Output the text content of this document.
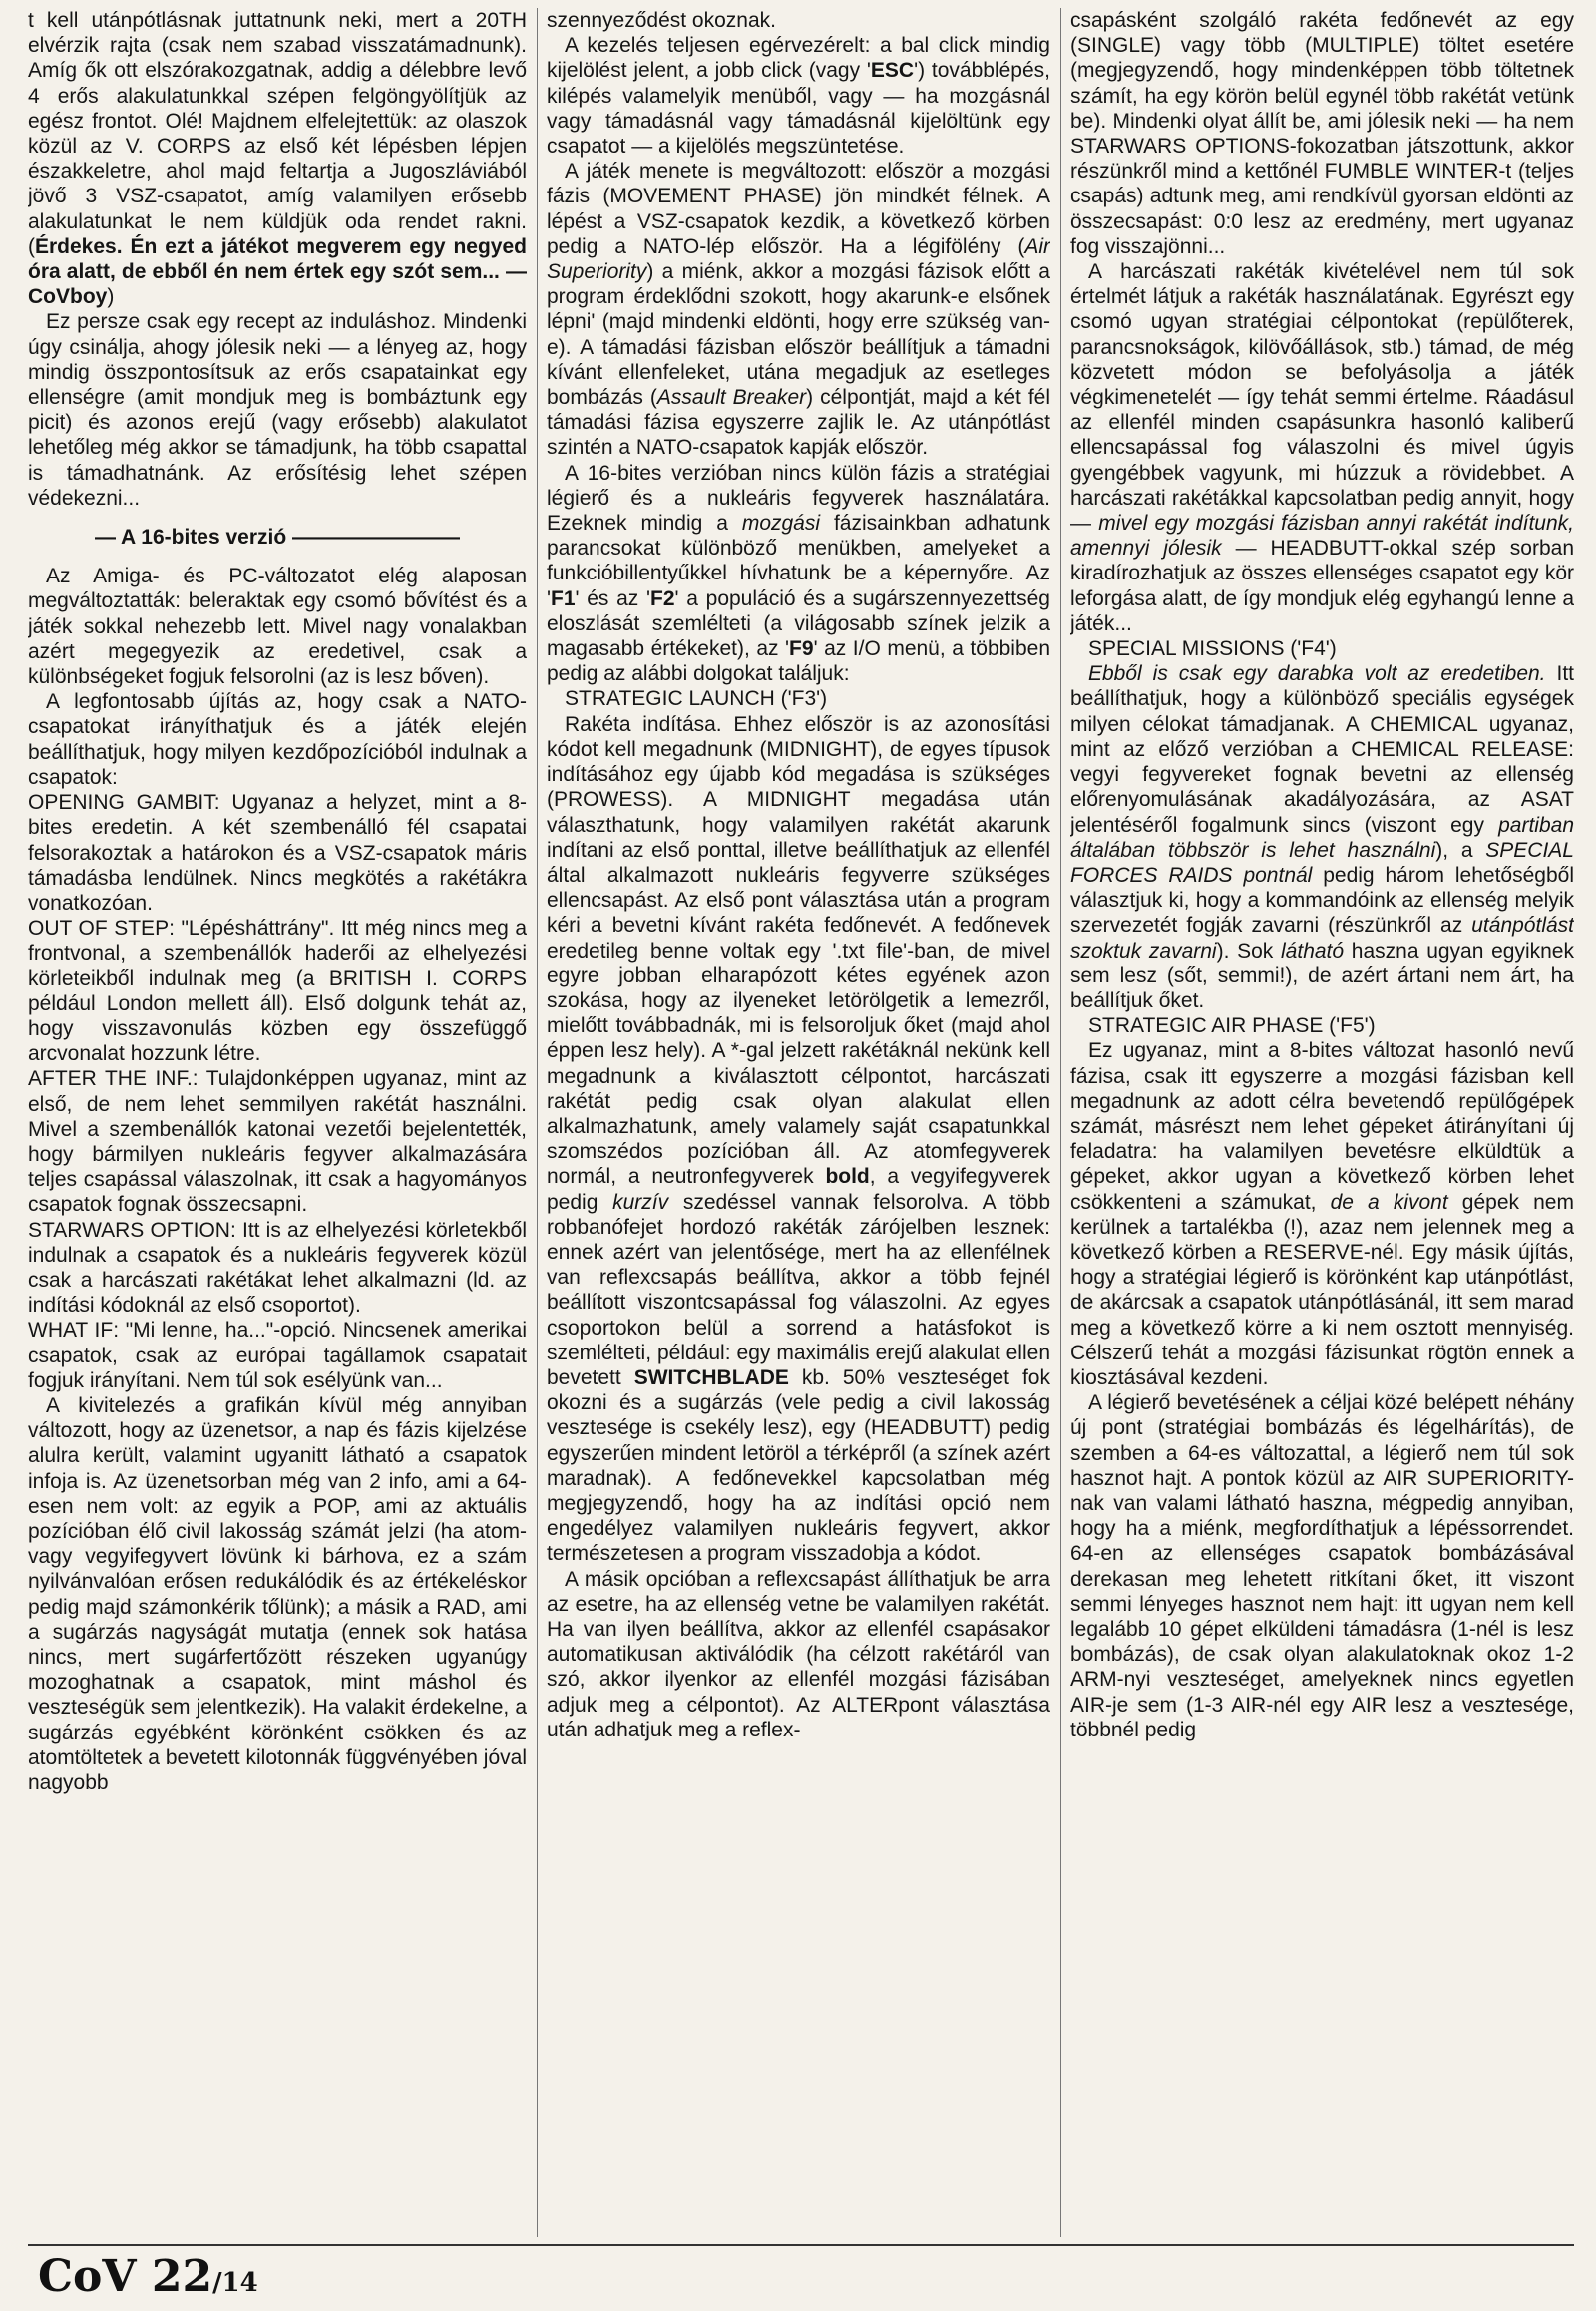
t kell utánpótlásnak juttatnunk neki, mert a 20TH elvérzik rajta (csak nem szabad visszatámadnunk). Amíg ők ott elszórakozgatnak, addig a délebbre levő 4 erős alakulatunkkal szépen felgöngyölítjük az egész frontot. Olé! Majdnem elfelejtettük: az olaszok közül az V. CORPS az első két lépésben lépjen északkeletre, ahol majd feltartja a Jugoszláviából jövő 3 VSZ-csapatot, amíg valamilyen erősebb alakulatunkat le nem küldjük oda rendet rakni. (Érdekes. Én ezt a játékot megverem egy negyed óra alatt, de ebből én nem értek egy szót sem... — CoVboy)

Ez persze csak egy recept az induláshoz. Mindenki úgy csinálja, ahogy jólesik neki — a lényeg az, hogy mindig összpontosítsuk az erős csapatainkat egy ellenségre (amit mondjuk meg is bombáztunk egy picit) és azonos erejű (vagy erősebb) alakulatot lehetőleg még akkor se támadjunk, ha több csapattal is támadhatnánk. Az erősítésig lehet szépen védekezni...

— A 16-bites verzió ————————

Az Amiga- és PC-változatot elég alaposan megváltoztatták: beleraktak egy csomó bővítést és a játék sokkal nehezebb lett. Mivel nagy vonalakban azért megegyezik az eredetivel, csak a különbségeket fogjuk felsorolni (az is lesz bőven).

A legfontosabb újítás az, hogy csak a NATO-csapatokat irányíthatjuk és a játék elején beállíthatjuk, hogy milyen kezdőpozícióból indulnak a csapatok:

OPENING GAMBIT: Ugyanaz a helyzet, mint a 8-bites eredetin. A két szembenálló fél csapatai felsorakoztak a határokon és a VSZ-csapatok máris támadásba lendülnek. Nincs megkötés a rakétákra vonatkozóan.

OUT OF STEP: "Lépésháttrány". Itt még nincs meg a frontvonal, a szembenállók haderői az elhelyezési körleteikből indulnak meg (a BRITISH I. CORPS például London mellett áll). Első dolgunk tehát az, hogy visszavonulás közben egy összefüggő arcvonalat hozzunk létre.

AFTER THE INF.: Tulajdonképpen ugyanaz, mint az első, de nem lehet semmilyen rakétát használni. Mivel a szembenállók katonai vezetői bejelentették, hogy bármilyen nukleáris fegyver alkalmazására teljes csapással válaszolnak, itt csak a hagyományos csapatok fognak összecsapni.

STARWARS OPTION: Itt is az elhelyezési körletekből indulnak a csapatok és a nukleáris fegyverek közül csak a harcászati rakétákat lehet alkalmazni (ld. az indítási kódoknál az első csoportot).

WHAT IF: "Mi lenne, ha..."-opció. Nincsenek amerikai csapatok, csak az európai tagállamok csapatait fogjuk irányítani. Nem túl sok esélyünk van...

A kivitelezés a grafikán kívül még annyiban változott, hogy az üzenetsor, a nap és fázis kijelzése alulra került, valamint ugyanitt látható a csapatok infoja is. Az üzenetsorban még van 2 info, ami a 64-esen nem volt: az egyik a POP, ami az aktuális pozícióban élő civil lakosság számát jelzi (ha atom- vagy vegyifegyvert lövünk ki bárhova, ez a szám nyilvánvalóan erősen redukálódik és az értékeléskor pedig majd számonkérik tőlünk); a másik a RAD, ami a sugárzás nagyságát mutatja (ennek sok hatása nincs, mert sugárfertőzött részeken ugyanúgy mozoghatnak a csapatok, mint máshol és veszteségük sem jelentkezik). Ha valakit érdekelne, a sugárzás egyébként körönként csökken és az atomtöltetek a bevetett kilotonnák függvényében jóval nagyobb

szennyeződést okoznak.

A kezelés teljesen egérvezérelt: a bal click mindig kijelölést jelent, a jobb click (vagy 'ESC') továbblépés, kilépés valamelyik menüből, vagy — ha mozgásnál vagy támadásnál vagy támadásnál kijelöltünk egy csapatot — a kijelölés megszüntetése.

A játék menete is megváltozott: először a mozgási fázis (MOVEMENT PHASE) jön mindkét félnek. A lépést a VSZ-csapatok kezdik, a következő körben pedig a NATO-lép először. Ha a légifölény (Air Superiority) a miénk, akkor a mozgási fázisok előtt a program érdeklődni szokott, hogy akarunk-e elsőnek lépni' (majd mindenki eldönti, hogy erre szükség van-e). A támadási fázisban először beállítjuk a támadni kívánt ellenfeleket, utána megadjuk az esetleges bombázás (Assault Breaker) célpontját, majd a két fél támadási fázisa egyszerre zajlik le. Az utánpótlást szintén a NATO-csapatok kapják először.

A 16-bites verzióban nincs külön fázis a stratégiai légierő és a nukleáris fegyverek használatára. Ezeknek mindig a mozgási fázisainkban adhatunk parancsokat különböző menükben, amelyeket a funkcióbillentyűkkel hívhatunk be a képernyőre. Az 'F1' és az 'F2' a populáció és a sugárszennyezettség eloszlását szemlélteti (a világosabb színek jelzik a magasabb értékeket), az 'F9' az I/O menü, a többiben pedig az alábbi dolgokat találjuk:

STRATEGIC LAUNCH ('F3')

Rakéta indítása. Ehhez először is az azonosítási kódot kell megadnunk (MIDNIGHT), de egyes típusok indításához egy újabb kód megadása is szükséges (PROWESS). A MIDNIGHT megadása után választhatunk, hogy valamilyen rakétát akarunk indítani az első ponttal, illetve beállíthatjuk az ellenfél által alkalmazott nukleáris fegyverre szükséges ellencsapást. Az első pont választása után a program kéri a bevetni kívánt rakéta fedőnevét. A fedőnevek eredetileg benne voltak egy '.txt file'-ban, de mivel egyre jobban elharapózott kétes egyének azon szokása, hogy az ilyeneket letörölgetik a lemezről, mielőtt továbbadnák, mi is felsoroljuk őket (majd ahol éppen lesz hely). A *-gal jelzett rakétáknál nekünk kell megadnunk a kiválasztott célpontot, harcászati rakétát pedig csak olyan alakulat ellen alkalmazhatunk, amely valamely saját csapatunkkal szomszédos pozícióban áll. Az atomfegyverek normál, a neutronfegyverek bold, a vegyifegyverek pedig kurzív szedéssel vannak felsorolva. A több robbanófejet hordozó rakéták zárójelben lesznek: ennek azért van jelentősége, mert ha az ellenfélnek van reflexcsapás beállítva, akkor a több fejnél beállított viszontcsapással fog válaszolni. Az egyes csoportokon belül a sorrend a hatásfokot is szemlélteti, például: egy maximális erejű alakulat ellen bevetett SWITCHBLADE kb. 50% veszteséget fok okozni és a sugárzás (vele pedig a civil lakosság vesztesége is csekély lesz), egy (HEADBUTT) pedig egyszerűen mindent letöröl a térképről (a színek azért maradnak). A fedőnevekkel kapcsolatban még megjegyzendő, hogy ha az indítási opció nem engedélyez valamilyen nukleáris fegyvert, akkor természetesen a program visszadobja a kódot.

A másik opcióban a reflexcsapást állíthatjuk be arra az esetre, ha az ellenség vetne be valamilyen rakétát. Ha van ilyen beállítva, akkor az ellenfél csapásakor automatikusan aktiválódik (ha célzott rakétáról van szó, akkor ilyenkor az ellenfél mozgási fázisában adjuk meg a célpontot). Az ALTERpont választása után adhatjuk meg a reflex-

csapásként szolgáló rakéta fedőnevét az egy (SINGLE) vagy több (MULTIPLE) töltet esetére (megjegyzendő, hogy mindenképpen több töltetnek számít, ha egy körön belül egynél több rakétát vetünk be). Mindenki olyat állít be, ami jólesik neki — ha nem STARWARS OPTIONS-fokozatban játszottunk, akkor részünkről mind a kettőnél FUMBLE WINTER-t (teljes csapás) adtunk meg, ami rendkívül gyorsan eldönti az összecsapást: 0:0 lesz az eredmény, mert ugyanaz fog visszajönni...

A harcászati rakéták kivételével nem túl sok értelmét látjuk a rakéták használatának. Egyrészt egy csomó ugyan stratégiai célpontokat (repülőterek, parancsnokságok, kilövőállások, stb.) támad, de még közvetett módon se befolyásolja a játék végkimenetelét — így tehát semmi értelme. Ráadásul az ellenfél minden csapásunkra hasonló kaliberű ellencsapással fog válaszolni és mivel úgyis gyengébbek vagyunk, mi húzzuk a rövidebbet. A harcászati rakétákkal kapcsolatban pedig annyit, hogy — mivel egy mozgási fázisban annyi rakétát indítunk, amennyi jólesik — HEADBUTT-okkal szép sorban kiradírozhatjuk az összes ellenséges csapatot egy kör leforgása alatt, de így mondjuk elég egyhangú lenne a játék...

SPECIAL MISSIONS ('F4')

Ebből is csak egy darabka volt az eredetiben. Itt beállíthatjuk, hogy a különböző speciális egységek milyen célokat támadjanak. A CHEMICAL ugyanaz, mint az előző verzióban a CHEMICAL RELEASE: vegyi fegyvereket fognak bevetni az ellenség előrenyomulásának akadályozására, az ASAT jelentéséről fogalmunk sincs (viszont egy partiban általában többször is lehet használni), a SPECIAL FORCES RAIDS pontnál pedig három lehetőségből választjuk ki, hogy a kommandóink az ellenség melyik szervezetét fogják zavarni (részünkről az utánpótlást szoktuk zavarni). Sok látható haszna ugyan egyiknek sem lesz (sőt, semmi!), de azért ártani nem árt, ha beállítjuk őket.

STRATEGIC AIR PHASE ('F5')

Ez ugyanaz, mint a 8-bites változat hasonló nevű fázisa, csak itt egyszerre a mozgási fázisban kell megadnunk az adott célra bevetendő repülőgépek számát, másrészt nem lehet gépeket átirányítani új feladatra: ha valamilyen bevetésre elküldtük a gépeket, akkor ugyan a következő körben lehet csökkenteni a számukat, de a kivont gépek nem kerülnek a tartalékba (!), azaz nem jelennek meg a következő körben a RESERVE-nél. Egy másik újítás, hogy a stratégiai légierő is körönként kap utánpótlást, de akárcsak a csapatok utánpótlásánál, itt sem marad meg a következő körre a ki nem osztott mennyiség. Célszerű tehát a mozgási fázisunkat rögtön ennek a kiosztásával kezdeni.

A légierő bevetésének a céljai közé belépett néhány új pont (stratégiai bombázás és légelhárítás), de szemben a 64-es változattal, a légierő nem túl sok hasznot hajt. A pontok közül az AIR SUPERIORITY-nak van valami látható haszna, mégpedig annyiban, hogy ha a miénk, megfordíthatjuk a lépéssorrendet. 64-en az ellenséges csapatok bombázásával derekasan meg lehetett ritkítani őket, itt viszont semmi lényeges hasznot nem hajt: itt ugyan nem kell legalább 10 gépet elküldeni támadásra (1-nél is lesz bombázás), de csak olyan alakulatoknak okoz 1-2 ARM-nyi veszteséget, amelyeknek nincs egyetlen AIR-je sem (1-3 AIR-nél egy AIR lesz a vesztesége, többnél pedig

CoV 22/14
